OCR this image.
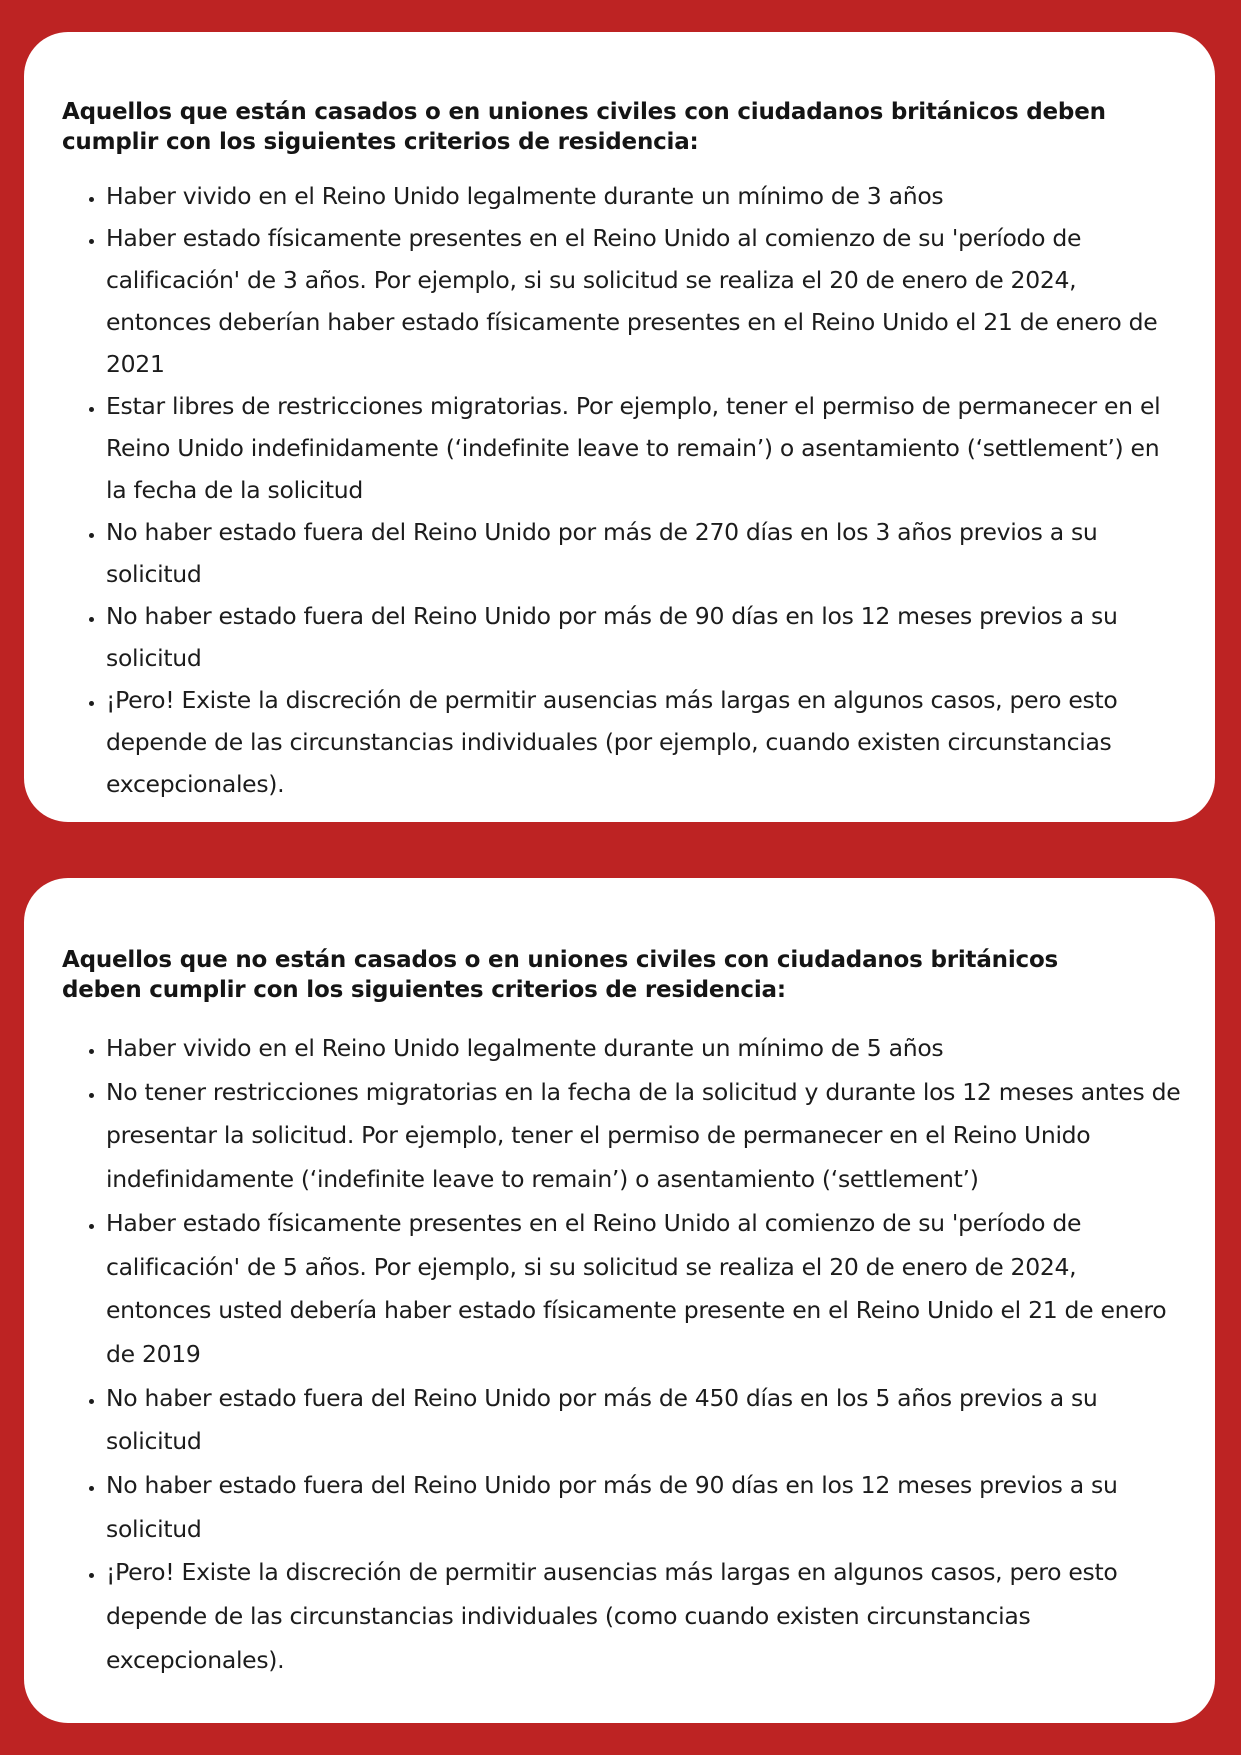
Aquellos que están casados o en uniones civiles con ciudadanos británicos deben cumplir con los siguientes criterios de residencia:
• Haber vivido en el Reino Unido legalmente durante un mínimo de 3 años
• Haber estado físicamente presentes en el Reino Unido al comienzo de su 'período de calificación' de 3 años. Por ejemplo, si su solicitud se realiza el 20 de enero de 2024, entonces deberían haber estado físicamente presentes en el Reino Unido el 21 de enero de 2021
• Estar libres de restricciones migratorias. Por ejemplo, tener el permiso de permanecer en el Reino Unido indefinidamente (‘indefinite leave to remain’) o asentamiento (‘settlement’) en la fecha de la solicitud
• No haber estado fuera del Reino Unido por más de 270 días en los 3 años previos a su solicitud
• No haber estado fuera del Reino Unido por más de 90 días en los 12 meses previos a su solicitud
• ¡Pero! Existe la discreción de permitir ausencias más largas en algunos casos, pero esto depende de las circunstancias individuales (por ejemplo, cuando existen circunstancias excepcionales).
Aquellos que no están casados o en uniones civiles con ciudadanos británicos deben cumplir con los siguientes criterios de residencia:
• Haber vivido en el Reino Unido legalmente durante un mínimo de 5 años
• No tener restricciones migratorias en la fecha de la solicitud y durante los 12 meses antes de presentar la solicitud. Por ejemplo, tener el permiso de permanecer en el Reino Unido indefinidamente (‘indefinite leave to remain’) o asentamiento (‘settlement’)
• Haber estado físicamente presentes en el Reino Unido al comienzo de su 'período de calificación' de 5 años. Por ejemplo, si su solicitud se realiza el 20 de enero de 2024, entonces usted debería haber estado físicamente presente en el Reino Unido el 21 de enero de 2019
• No haber estado fuera del Reino Unido por más de 450 días en los 5 años previos a su solicitud
• No haber estado fuera del Reino Unido por más de 90 días en los 12 meses previos a su solicitud
• ¡Pero! Existe la discreción de permitir ausencias más largas en algunos casos, pero esto depende de las circunstancias individuales (como cuando existen circunstancias excepcionales).
